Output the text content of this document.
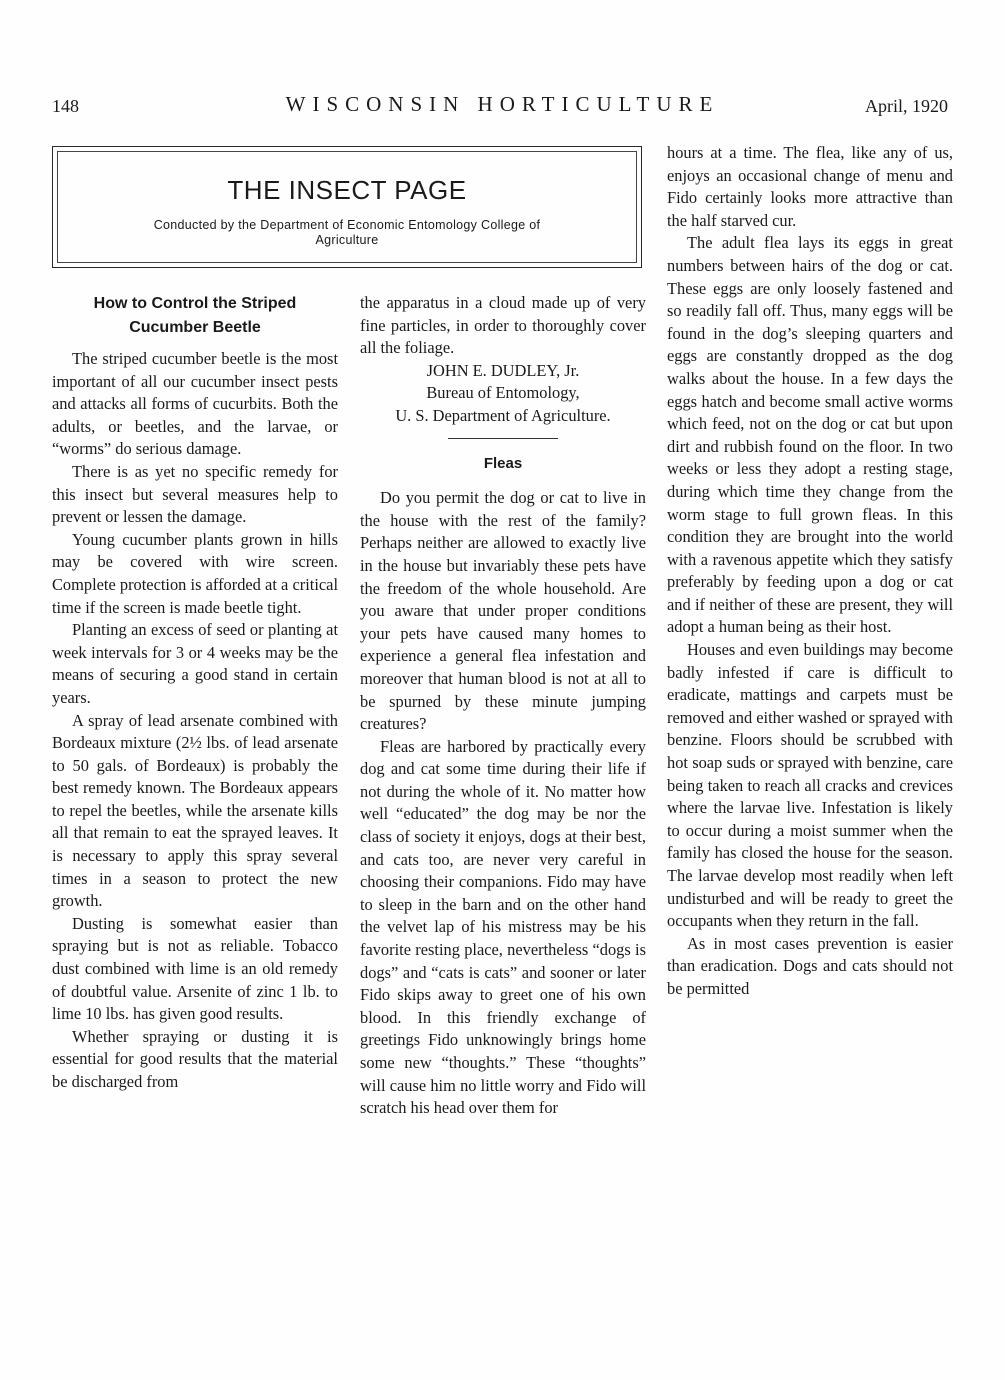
148	WISCONSIN HORTICULTURE	April, 1920
THE INSECT PAGE
Conducted by the Department of Economic Entomology College of Agriculture
How to Control the Striped Cucumber Beetle

The striped cucumber beetle is the most important of all our cucumber insect pests and attacks all forms of cucurbits. Both the adults, or beetles, and the larvae, or “worms” do serious damage.

There is as yet no specific remedy for this insect but several measures help to prevent or lessen the damage.

Young cucumber plants grown in hills may be covered with wire screen. Complete protection is afforded at a critical time if the screen is made beetle tight.

Planting an excess of seed or planting at week intervals for 3 or 4 weeks may be the means of securing a good stand in certain years.

A spray of lead arsenate combined with Bordeaux mixture (2½ lbs. of lead arsenate to 50 gals. of Bordeaux) is probably the best remedy known. The Bordeaux appears to repel the beetles, while the arsenate kills all that remain to eat the sprayed leaves. It is necessary to apply this spray several times in a season to protect the new growth.

Dusting is somewhat easier than spraying but is not as reliable. Tobacco dust combined with lime is an old remedy of doubtful value. Arsenite of zinc 1 lb. to lime 10 lbs. has given good results.

Whether spraying or dusting it is essential for good results that the material be discharged from

the apparatus in a cloud made up of very fine particles, in order to thoroughly cover all the foliage.

JOHN E. DUDLEY, Jr.
Bureau of Entomology,
U. S. Department of Agriculture.
Fleas

Do you permit the dog or cat to live in the house with the rest of the family? Perhaps neither are allowed to exactly live in the house but invariably these pets have the freedom of the whole household. Are you aware that under proper conditions your pets have caused many homes to experience a general flea infestation and moreover that human blood is not at all to be spurned by these minute jumping creatures?

Fleas are harbored by practically every dog and cat some time during their life if not during the whole of it. No matter how well “educated” the dog may be nor the class of society it enjoys, dogs at their best, and cats too, are never very careful in choosing their companions. Fido may have to sleep in the barn and on the other hand the velvet lap of his mistress may be his favorite resting place, nevertheless “dogs is dogs” and “cats is cats” and sooner or later Fido skips away to greet one of his own blood. In this friendly exchange of greetings Fido unknowingly brings home some new “thoughts.” These “thoughts” will cause him no little worry and Fido will scratch his head over them for

hours at a time. The flea, like any of us, enjoys an occasional change of menu and Fido certainly looks more attractive than the half starved cur.

The adult flea lays its eggs in great numbers between hairs of the dog or cat. These eggs are only loosely fastened and so readily fall off. Thus, many eggs will be found in the dog’s sleeping quarters and eggs are constantly dropped as the dog walks about the house. In a few days the eggs hatch and become small active worms which feed, not on the dog or cat but upon dirt and rubbish found on the floor. In two weeks or less they adopt a resting stage, during which time they change from the worm stage to full grown fleas. In this condition they are brought into the world with a ravenous appetite which they satisfy preferably by feeding upon a dog or cat and if neither of these are present, they will adopt a human being as their host.

Houses and even buildings may become badly infested if care is difficult to eradicate, mattings and carpets must be removed and either washed or sprayed with benzine. Floors should be scrubbed with hot soap suds or sprayed with benzine, care being taken to reach all cracks and crevices where the larvae live. Infestation is likely to occur during a moist summer when the family has closed the house for the season. The larvae develop most readily when left undisturbed and will be ready to greet the occupants when they return in the fall.

As in most cases prevention is easier than eradication. Dogs and cats should not be permitted
